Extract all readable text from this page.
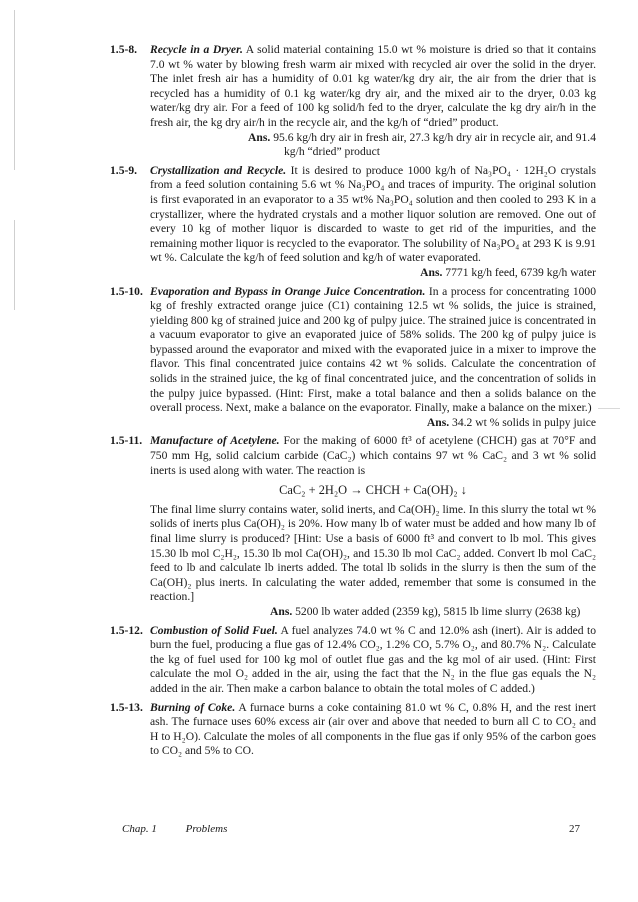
1.5-8. Recycle in a Dryer. A solid material containing 15.0 wt % moisture is dried so that it contains 7.0 wt % water by blowing fresh warm air mixed with recycled air over the solid in the dryer. The inlet fresh air has a humidity of 0.01 kg water/kg dry air, the air from the drier that is recycled has a humidity of 0.1 kg water/kg dry air, and the mixed air to the dryer, 0.03 kg water/kg dry air. For a feed of 100 kg solid/h fed to the dryer, calculate the kg dry air/h in the fresh air, the kg dry air/h in the recycle air, and the kg/h of “dried” product.
Ans. 95.6 kg/h dry air in fresh air, 27.3 kg/h dry air in recycle air, and 91.4 kg/h “dried” product
1.5-9. Crystallization and Recycle. It is desired to produce 1000 kg/h of Na₃PO₄ · 12H₂O crystals from a feed solution containing 5.6 wt % Na₃PO₄ and traces of impurity. The original solution is first evaporated in an evaporator to a 35 wt% Na₃PO₄ solution and then cooled to 293 K in a crystallizer, where the hydrated crystals and a mother liquor solution are removed. One out of every 10 kg of mother liquor is discarded to waste to get rid of the impurities, and the remaining mother liquor is recycled to the evaporator. The solubility of Na₃PO₄ at 293 K is 9.91 wt %. Calculate the kg/h of feed solution and kg/h of water evaporated.
Ans. 7771 kg/h feed, 6739 kg/h water
1.5-10. Evaporation and Bypass in Orange Juice Concentration. In a process for concentrating 1000 kg of freshly extracted orange juice (C1) containing 12.5 wt % solids, the juice is strained, yielding 800 kg of strained juice and 200 kg of pulpy juice. The strained juice is concentrated in a vacuum evaporator to give an evaporated juice of 58% solids. The 200 kg of pulpy juice is bypassed around the evaporator and mixed with the evaporated juice in a mixer to improve the flavor. This final concentrated juice contains 42 wt % solids. Calculate the concentration of solids in the strained juice, the kg of final concentrated juice, and the concentration of solids in the pulpy juice bypassed. (Hint: First, make a total balance and then a solids balance on the overall process. Next, make a balance on the evaporator. Finally, make a balance on the mixer.)
Ans. 34.2 wt % solids in pulpy juice
1.5-11. Manufacture of Acetylene. For the making of 6000 ft³ of acetylene (CHCH) gas at 70°F and 750 mm Hg, solid calcium carbide (CaC₂) which contains 97 wt % CaC₂ and 3 wt % solid inerts is used along with water. The reaction is
CaC₂ + 2H₂O → CHCH + Ca(OH)₂ ↓
The final lime slurry contains water, solid inerts, and Ca(OH)₂ lime. In this slurry the total wt % solids of inerts plus Ca(OH)₂ is 20%. How many lb of water must be added and how many lb of final lime slurry is produced? [Hint: Use a basis of 6000 ft³ and convert to lb mol. This gives 15.30 lb mol C₂H₂, 15.30 lb mol Ca(OH)₂, and 15.30 lb mol CaC₂ added. Convert lb mol CaC₂ feed to lb and calculate lb inerts added. The total lb solids in the slurry is then the sum of the Ca(OH)₂ plus inerts. In calculating the water added, remember that some is consumed in the reaction.]
Ans. 5200 lb water added (2359 kg), 5815 lb lime slurry (2638 kg)
1.5-12. Combustion of Solid Fuel. A fuel analyzes 74.0 wt % C and 12.0% ash (inert). Air is added to burn the fuel, producing a flue gas of 12.4% CO₂, 1.2% CO, 5.7% O₂, and 80.7% N₂. Calculate the kg of fuel used for 100 kg mol of outlet flue gas and the kg mol of air used. (Hint: First calculate the mol O₂ added in the air, using the fact that the N₂ in the flue gas equals the N₂ added in the air. Then make a carbon balance to obtain the total moles of C added.)
1.5-13. Burning of Coke. A furnace burns a coke containing 81.0 wt % C, 0.8% H, and the rest inert ash. The furnace uses 60% excess air (air over and above that needed to burn all C to CO₂ and H to H₂O). Calculate the moles of all components in the flue gas if only 95% of the carbon goes to CO₂ and 5% to CO.
Chap. 1	Problems	27
